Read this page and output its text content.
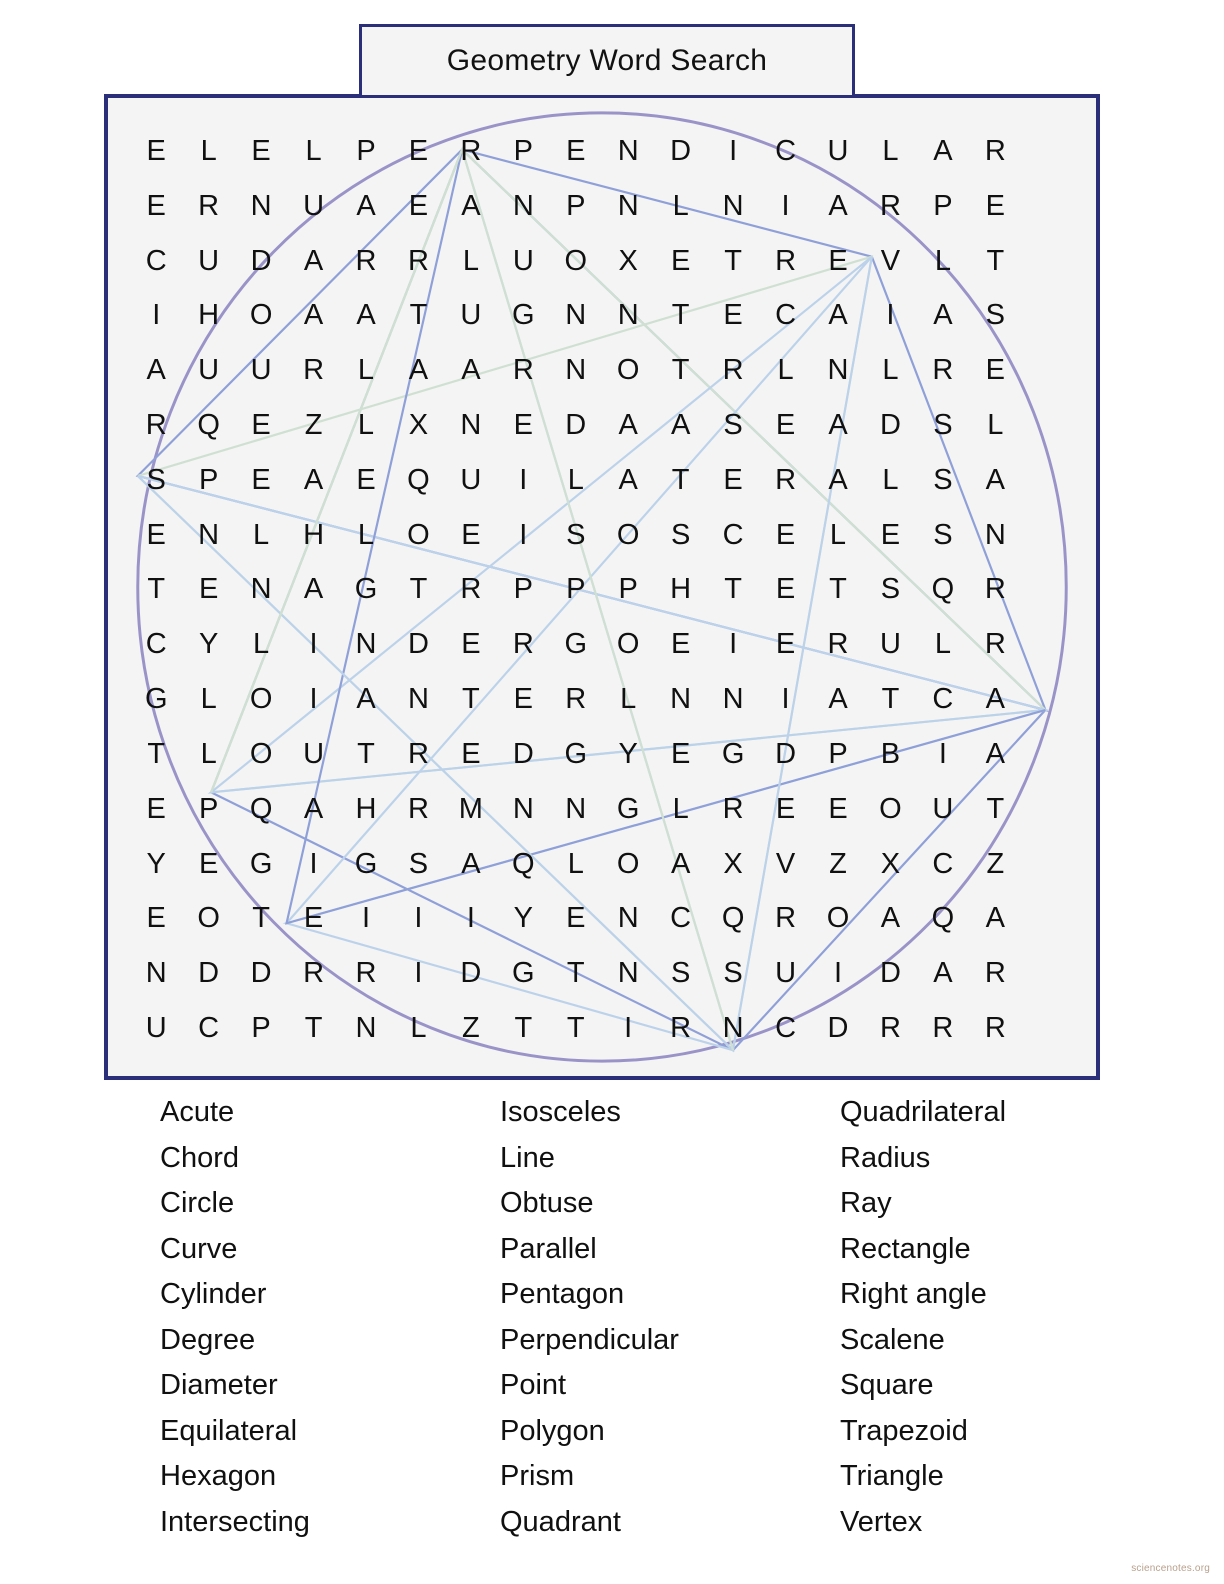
Geometry Word Search
E	L	E	L	P	E	R	P	E	N	D	I	C	U	L	A	R
E	R	N	U	A	E	A	N	P	N	L	N	I	A	R	P	E
C	U	D	A	R	R	L	U	O	X	E	T	R	E	V	L	T
I	H	O	A	A	T	U	G	N	N	T	E	C	A	I	A	S
A	U	U	R	L	A	A	R	N	O	T	R	L	N	L	R	E
R	Q	E	Z	L	X	N	E	D	A	A	S	E	A	D	S	L
S	P	E	A	E	Q	U	I	L	A	T	E	R	A	L	S	A
E	N	L	H	L	O	E	I	S	O	S	C	E	L	E	S	N
T	E	N	A	G	T	R	P	P	P	H	T	E	T	S	Q	R
C	Y	L	I	N	D	E	R	G	O	E	I	E	R	U	L	R
G	L	O	I	A	N	T	E	R	L	N	N	I	A	T	C	A
T	L	O	U	T	R	E	D	G	Y	E	G	D	P	B	I	A
E	P	Q	A	H	R	M	N	N	G	L	R	E	E	O	U	T
Y	E	G	I	G	S	A	Q	L	O	A	X	V	Z	X	C	Z
E	O	T	E	I	I	I	Y	E	N	C	Q	R	O	A	Q	A
N	D	D	R	R	I	D	G	T	N	S	S	U	I	D	A	R
U	C	P	T	N	L	Z	T	T	I	R	N	C	D	R	R	R
Acute
Chord
Circle
Curve
Cylinder
Degree
Diameter
Equilateral
Hexagon
Intersecting
Isosceles
Line
Obtuse
Parallel
Pentagon
Perpendicular
Point
Polygon
Prism
Quadrant
Quadrilateral
Radius
Ray
Rectangle
Right angle
Scalene
Square
Trapezoid
Triangle
Vertex
sciencenotes.org
